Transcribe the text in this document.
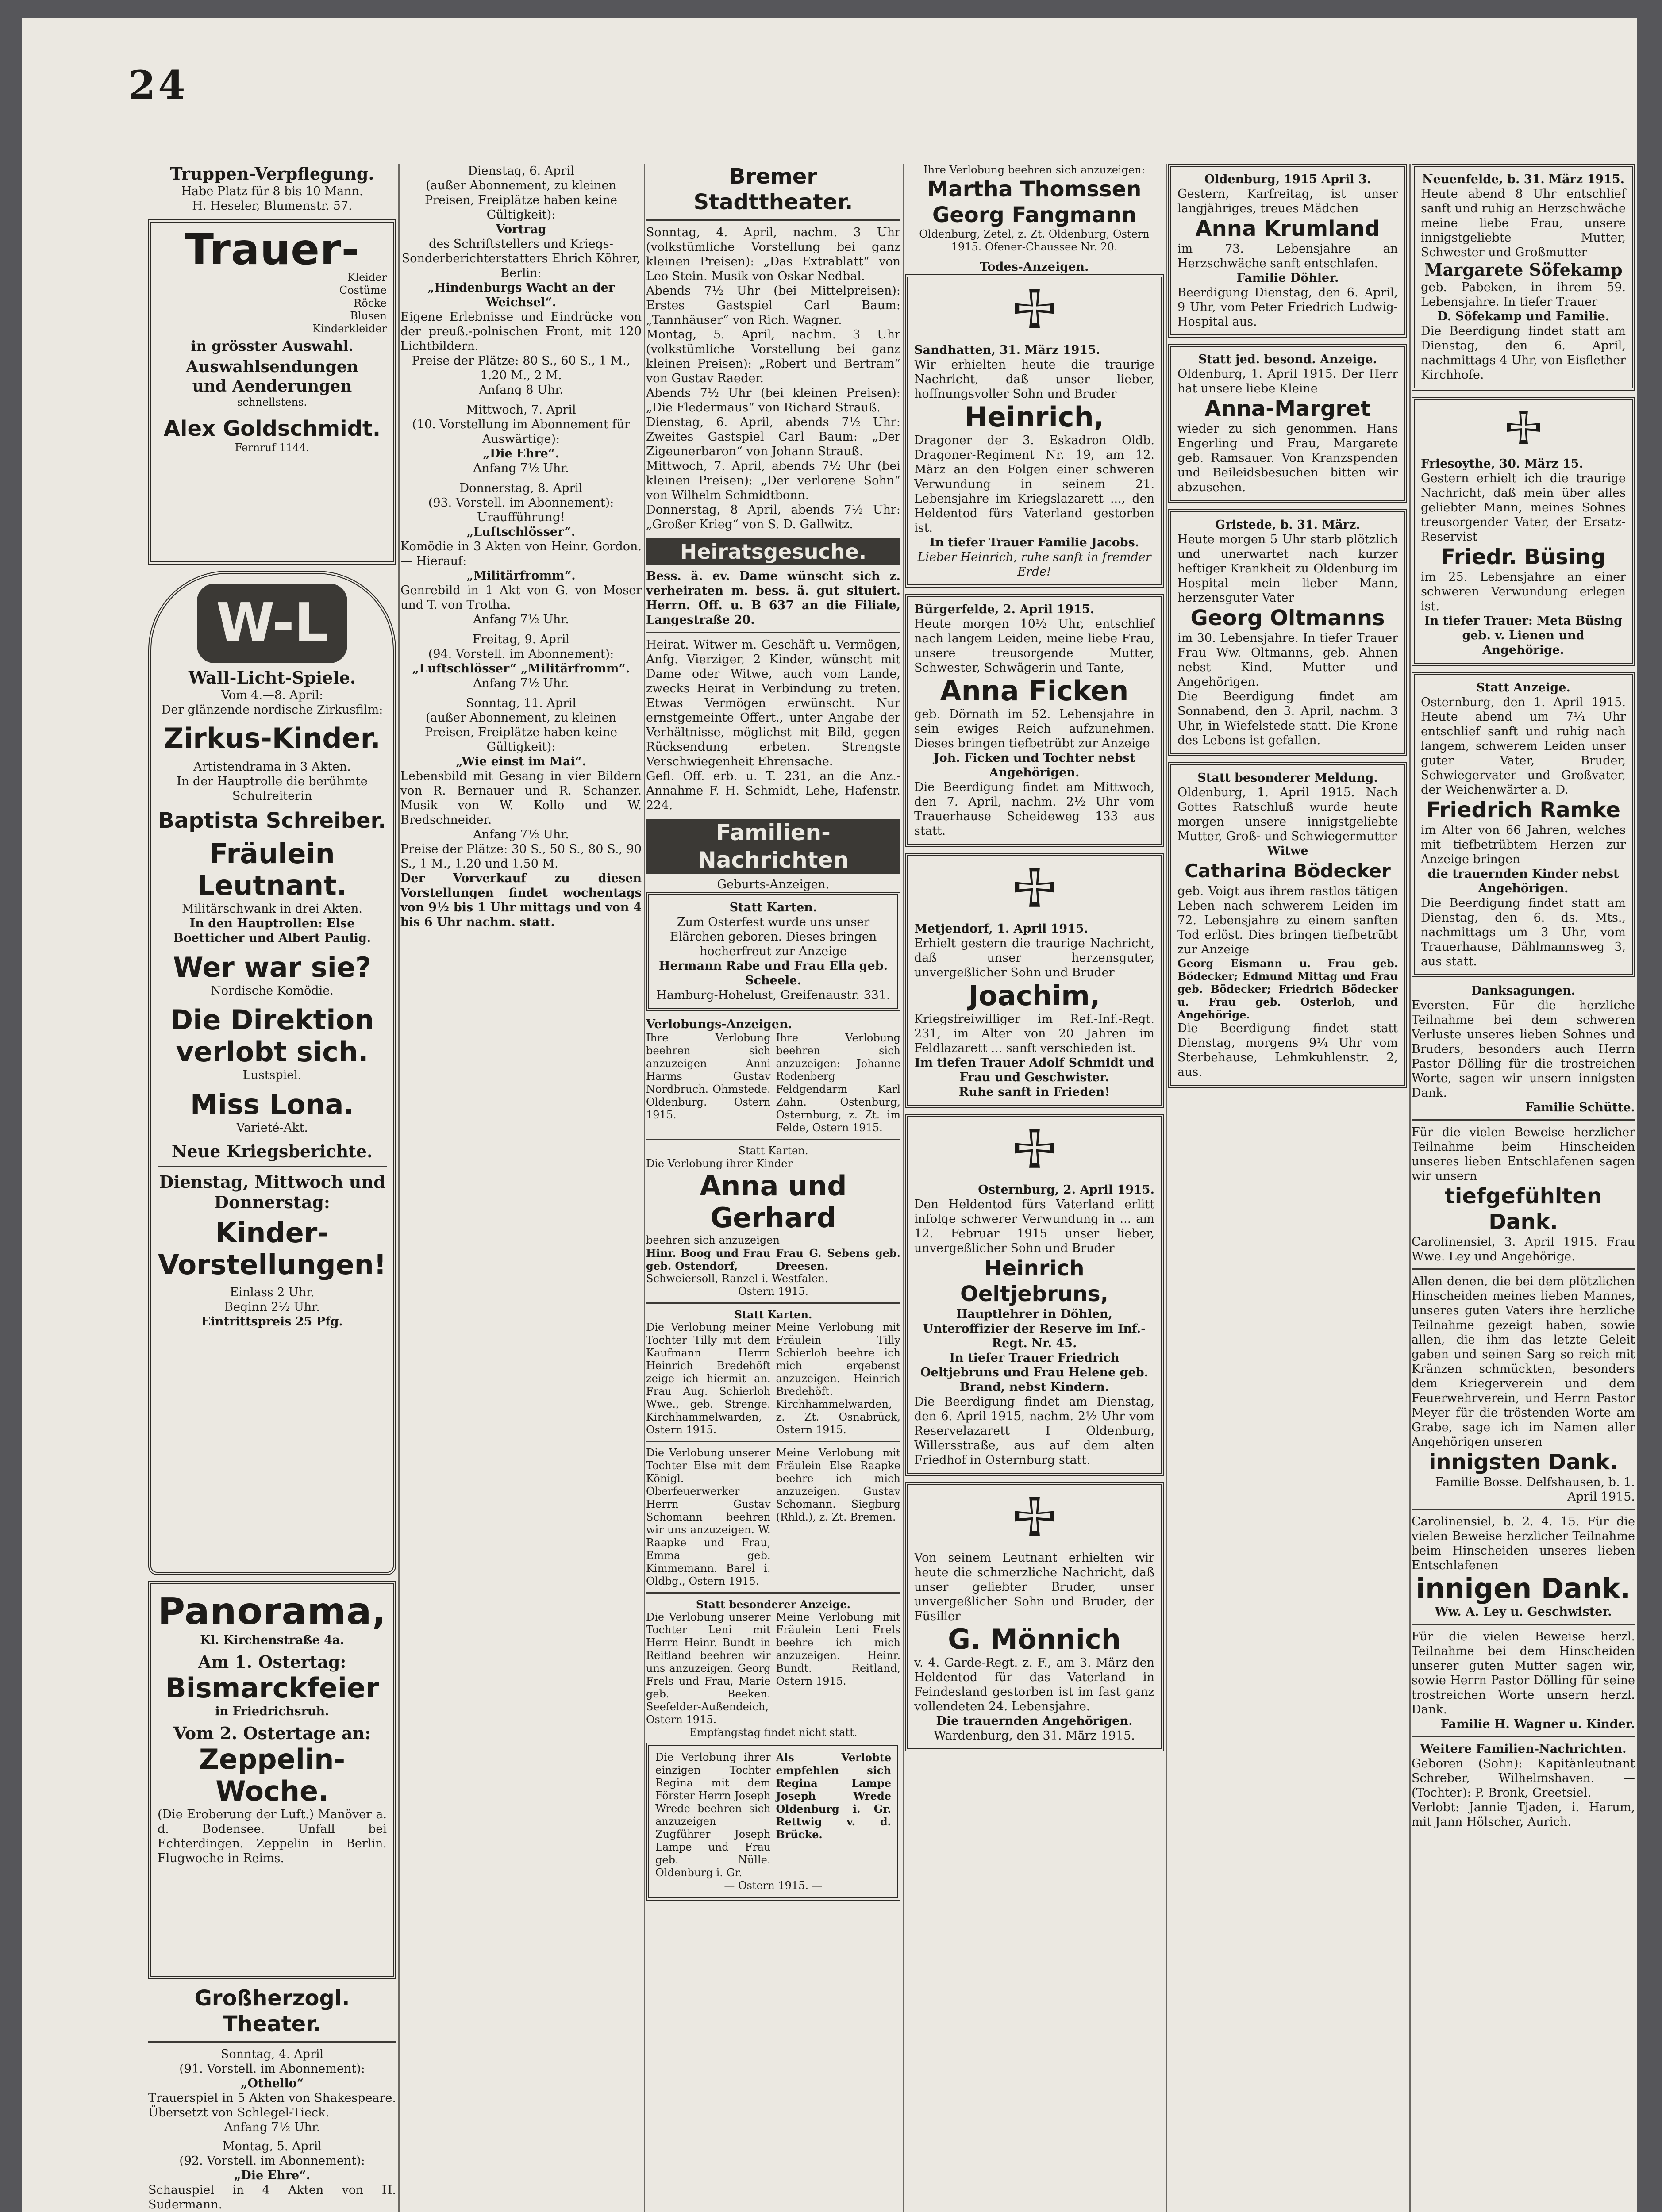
24
Truppen-Verpflegung.

Habe Platz für 8 bis 10 Mann.

H. Heseler, Blumenstr. 57.

Trauer-

Kleider

Costüme

Röcke

Blusen

Kinderkleider

in grösster Auswahl.

Auswahlsendungen

und Aenderungen

schnellstens.

Alex Goldschmidt.

Fernruf 1144.

W-L
Wall-Licht-Spiele.

Vom 4.—8. April:

Der glänzende nordische Zirkusfilm:

Zirkus-Kinder.

Artistendrama in 3 Akten.

In der Hauptrolle die berühmte Schulreiterin

Baptista Schreiber.
Fräulein Leutnant.

Militärschwank in drei Akten.

In den Hauptrollen: Else Boetticher und Albert Paulig.

Wer war sie?

Nordische Komödie.

Die Direktion verlobt sich.

Lustspiel.

Miss Lona.

Varieté-Akt.

Neue Kriegsberichte.
Dienstag, Mittwoch und Donnerstag:
Kinder-Vorstellungen!

Einlass 2 Uhr.

Beginn 2½ Uhr.

Eintrittspreis 25 Pfg.

Panorama,

Kl. Kirchenstraße 4a.

Am 1. Ostertag:
Bismarckfeier

in Friedrichsruh.

Vom 2. Ostertage an:
Zeppelin-Woche.

(Die Eroberung der Luft.) Manöver a. d. Bodensee. Unfall bei Echterdingen. Zeppelin in Berlin. Flugwoche in Reims.

Großherzogl. Theater.

Sonntag, 4. April

(91. Vorstell. im Abonnement):

„Othello“

Trauerspiel in 5 Akten von Shakespeare. Übersetzt von Schlegel-Tieck.

Anfang 7½ Uhr.

Montag, 5. April

(92. Vorstell. im Abonnement):

„Die Ehre“.

Schauspiel in 4 Akten von H. Sudermann.

Dienstag, 6. April

(außer Abonnement, zu kleinen Preisen, Freiplätze haben keine Gültigkeit):

Vortrag

des Schriftstellers und Kriegs-Sonderberichterstatters Ehrich Köhrer, Berlin:

„Hindenburgs Wacht an der Weichsel“.

Eigene Erlebnisse und Eindrücke von der preuß.-polnischen Front, mit 120 Lichtbildern.

Preise der Plätze: 80 S., 60 S., 1 M., 1.20 M., 2 M.

Anfang 8 Uhr.

Mittwoch, 7. April

(10. Vorstellung im Abonnement für Auswärtige):

„Die Ehre“.

Anfang 7½ Uhr.

Donnerstag, 8. April

(93. Vorstell. im Abonnement): Uraufführung!

„Luftschlösser“.

Komödie in 3 Akten von Heinr. Gordon. — Hierauf:

„Militärfromm“.

Genrebild in 1 Akt von G. von Moser und T. von Trotha.

Anfang 7½ Uhr.

Freitag, 9. April

(94. Vorstell. im Abonnement):

„Luftschlösser“ „Militärfromm“.

Anfang 7½ Uhr.

Sonntag, 11. April

(außer Abonnement, zu kleinen Preisen, Freiplätze haben keine Gültigkeit):

„Wie einst im Mai“.

Lebensbild mit Gesang in vier Bildern von R. Bernauer und R. Schanzer. Musik von W. Kollo und W. Bredschneider.

Anfang 7½ Uhr.

Preise der Plätze: 30 S., 50 S., 80 S., 90 S., 1 M., 1.20 und 1.50 M.

Der Vorverkauf zu diesen Vorstellungen findet wochentags von 9½ bis 1 Uhr mittags und von 4 bis 6 Uhr nachm. statt.

Bremer Stadttheater.

Sonntag, 4. April, nachm. 3 Uhr (volkstümliche Vorstellung bei ganz kleinen Preisen): „Das Extrablatt“ von Leo Stein. Musik von Oskar Nedbal.

Abends 7½ Uhr (bei Mittelpreisen): Erstes Gastspiel Carl Baum: „Tannhäuser“ von Rich. Wagner.

Montag, 5. April, nachm. 3 Uhr (volkstümliche Vorstellung bei ganz kleinen Preisen): „Robert und Bertram“ von Gustav Raeder.

Abends 7½ Uhr (bei kleinen Preisen): „Die Fledermaus“ von Richard Strauß.

Dienstag, 6. April, abends 7½ Uhr: Zweites Gastspiel Carl Baum: „Der Zigeunerbaron“ von Johann Strauß.

Mittwoch, 7. April, abends 7½ Uhr (bei kleinen Preisen): „Der verlorene Sohn“ von Wilhelm Schmidtbonn.

Donnerstag, 8 April, abends 7½ Uhr: „Großer Krieg“ von S. D. Gallwitz.

Heiratsgesuche.

Bess. ä. ev. Dame wünscht sich z. verheiraten m. bess. ä. gut situiert. Herrn. Off. u. B 637 an die Filiale, Langestraße 20.

Heirat. Witwer m. Geschäft u. Vermögen, Anfg. Vierziger, 2 Kinder, wünscht mit Dame oder Witwe, auch vom Lande, zwecks Heirat in Verbindung zu treten. Etwas Vermögen erwünscht. Nur ernstgemeinte Offert., unter Angabe der Verhältnisse, möglichst mit Bild, gegen Rücksendung erbeten. Strengste Verschwiegenheit Ehrensache.

Gefl. Off. erb. u. T. 231, an die Anz.-Annahme F. H. Schmidt, Lehe, Hafenstr. 224.

Familien-Nachrichten

Geburts-Anzeigen.

Statt Karten.

Zum Osterfest wurde uns unser Elärchen geboren. Dieses bringen hocherfreut zur Anzeige

Hermann Rabe und Frau Ella geb. Scheele.

Hamburg-Hohelust, Greifenaustr. 331.

Verlobungs-Anzeigen.

Ihre Verlobung beehren sich anzuzeigen Anni Harms Gustav Nordbruch. Ohmstede. Oldenburg. Ostern 1915.

Ihre Verlobung beehren sich anzuzeigen: Johanne Rodenberg Feldgendarm Karl Zahn. Ostenburg, Osternburg, z. Zt. im Felde, Ostern 1915.

Statt Karten.

Die Verlobung ihrer Kinder

Anna und Gerhard

beehren sich anzuzeigen

Hinr. Boog und Frau geb. Ostendorf,

Frau G. Sebens geb. Dreesen.

Schweiersoll, Ranzel i. Westfalen.

Ostern 1915.

Statt Karten.

Die Verlobung meiner Tochter Tilly mit dem Kaufmann Herrn Heinrich Bredehöft zeige ich hiermit an. Frau Aug. Schierloh Wwe., geb. Strenge. Kirchhammelwarden, Ostern 1915.

Meine Verlobung mit Fräulein Tilly Schierloh beehre ich mich ergebenst anzuzeigen. Heinrich Bredehöft. Kirchhammelwarden, z. Zt. Osnabrück, Ostern 1915.

Die Verlobung unserer Tochter Else mit dem Königl. Oberfeuerwerker Herrn Gustav Schomann beehren wir uns anzuzeigen. W. Raapke und Frau, Emma geb. Kimmemann. Barel i. Oldbg., Ostern 1915.

Meine Verlobung mit Fräulein Else Raapke beehre ich mich anzuzeigen. Gustav Schomann. Siegburg (Rhld.), z. Zt. Bremen.

Statt besonderer Anzeige.

Die Verlobung unserer Tochter Leni mit Herrn Heinr. Bundt in Reitland beehren wir uns anzuzeigen. Georg Frels und Frau, Marie geb. Beeken. Seefelder-Außendeich, Ostern 1915.

Meine Verlobung mit Fräulein Leni Frels beehre ich mich anzuzeigen. Heinr. Bundt. Reitland, Ostern 1915.

Empfangstag findet nicht statt.

Die Verlobung ihrer einzigen Tochter Regina mit dem Förster Herrn Joseph Wrede beehren sich anzuzeigen Zugführer Joseph Lampe und Frau geb. Nülle. Oldenburg i. Gr.

Als Verlobte empfehlen sich Regina Lampe Joseph Wrede Oldenburg i. Gr. Rettwig v. d. Brücke.

— Ostern 1915. —

Ihre Verlobung beehren sich anzuzeigen:

Martha Thomssen
Georg Fangmann

Oldenburg, Zetel, z. Zt. Oldenburg, Ostern 1915. Ofener-Chaussee Nr. 20.

Todes-Anzeigen.

Sandhatten, 31. März 1915.

Wir erhielten heute die traurige Nachricht, daß unser lieber, hoffnungsvoller Sohn und Bruder

Heinrich,

Dragoner der 3. Eskadron Oldb. Dragoner-Regiment Nr. 19, am 12. März an den Folgen einer schweren Verwundung in seinem 21. Lebensjahre im Kriegslazarett ..., den Heldentod fürs Vaterland gestorben ist.

In tiefer Trauer Familie Jacobs.

Lieber Heinrich, ruhe sanft in fremder Erde!

Bürgerfelde, 2. April 1915.

Heute morgen 10½ Uhr, entschlief nach langem Leiden, meine liebe Frau, unsere treusorgende Mutter, Schwester, Schwägerin und Tante,

Anna Ficken

geb. Dörnath im 52. Lebensjahre in sein ewiges Reich aufzunehmen. Dieses bringen tiefbetrübt zur Anzeige

Joh. Ficken und Tochter nebst Angehörigen.

Die Beerdigung findet am Mittwoch, den 7. April, nachm. 2½ Uhr vom Trauerhause Scheideweg 133 aus statt.

Metjendorf, 1. April 1915.

Erhielt gestern die traurige Nachricht, daß unser herzensguter, unvergeßlicher Sohn und Bruder

Joachim,

Kriegsfreiwilliger im Ref.-Inf.-Regt. 231, im Alter von 20 Jahren im Feldlazarett ... sanft verschieden ist.

Im tiefen Trauer Adolf Schmidt und Frau und Geschwister.

Ruhe sanft in Frieden!

Osternburg, 2. April 1915.

Den Heldentod fürs Vaterland erlitt infolge schwerer Verwundung in ... am 12. Februar 1915 unser lieber, unvergeßlicher Sohn und Bruder

Heinrich Oeltjebruns,

Hauptlehrer in Döhlen, Unteroffizier der Reserve im Inf.-Regt. Nr. 45.

In tiefer Trauer Friedrich Oeltjebruns und Frau Helene geb. Brand, nebst Kindern.

Die Beerdigung findet am Dienstag, den 6. April 1915, nachm. 2½ Uhr vom Reservelazarett I Oldenburg, Willersstraße, aus auf dem alten Friedhof in Osternburg statt.

Von seinem Leutnant erhielten wir heute die schmerzliche Nachricht, daß unser geliebter Bruder, unser unvergeßlicher Sohn und Bruder, der Füsilier

G. Mönnich

v. 4. Garde-Regt. z. F., am 3. März den Heldentod für das Vaterland in Feindesland gestorben ist im fast ganz vollendeten 24. Lebensjahre.

Die trauernden Angehörigen.

Wardenburg, den 31. März 1915.

Oldenburg, 1915 April 3.

Gestern, Karfreitag, ist unser langjähriges, treues Mädchen

Anna Krumland

im 73. Lebensjahre an Herzschwäche sanft entschlafen.

Familie Döhler.

Beerdigung Dienstag, den 6. April, 9 Uhr, vom Peter Friedrich Ludwig-Hospital aus.

Statt jed. besond. Anzeige.

Oldenburg, 1. April 1915. Der Herr hat unsere liebe Kleine

Anna-Margret

wieder zu sich genommen. Hans Engerling und Frau, Margarete geb. Ramsauer. Von Kranzspenden und Beileidsbesuchen bitten wir abzusehen.

Gristede, b. 31. März.

Heute morgen 5 Uhr starb plötzlich und unerwartet nach kurzer heftiger Krankheit zu Oldenburg im Hospital mein lieber Mann, herzensguter Vater

Georg Oltmanns

im 30. Lebensjahre. In tiefer Trauer Frau Ww. Oltmanns, geb. Ahnen nebst Kind, Mutter und Angehörigen.

Die Beerdigung findet am Sonnabend, den 3. April, nachm. 3 Uhr, in Wiefelstede statt. Die Krone des Lebens ist gefallen.

Statt besonderer Meldung.

Oldenburg, 1. April 1915. Nach Gottes Ratschluß wurde heute morgen unsere innigstgeliebte Mutter, Groß- und Schwiegermutter

Witwe

Catharina Bödecker

geb. Voigt aus ihrem rastlos tätigen Leben nach schwerem Leiden im 72. Lebensjahre zu einem sanften Tod erlöst. Dies bringen tiefbetrübt zur Anzeige

Georg Eismann u. Frau geb. Bödecker; Edmund Mittag und Frau geb. Bödecker; Friedrich Bödecker u. Frau geb. Osterloh, und Angehörige.

Die Beerdigung findet statt Dienstag, morgens 9¼ Uhr vom Sterbehause, Lehmkuhlenstr. 2, aus.

Neuenfelde, b. 31. März 1915.

Heute abend 8 Uhr entschlief sanft und ruhig an Herzschwäche meine liebe Frau, unsere innigstgeliebte Mutter, Schwester und Großmutter

Margarete Söfekamp

geb. Pabeken, in ihrem 59. Lebensjahre. In tiefer Trauer

D. Söfekamp und Familie.

Die Beerdigung findet statt am Dienstag, den 6. April, nachmittags 4 Uhr, von Eisflether Kirchhofe.

Friesoythe, 30. März 15.

Gestern erhielt ich die traurige Nachricht, daß mein über alles geliebter Mann, meines Sohnes treusorgender Vater, der Ersatz-Reservist

Friedr. Büsing

im 25. Lebensjahre an einer schweren Verwundung erlegen ist.

In tiefer Trauer: Meta Büsing geb. v. Lienen und Angehörige.

Statt Anzeige.

Osternburg, den 1. April 1915. Heute abend um 7¼ Uhr entschlief sanft und ruhig nach langem, schwerem Leiden unser guter Vater, Bruder, Schwiegervater und Großvater, der Weichenwärter a. D.

Friedrich Ramke

im Alter von 66 Jahren, welches mit tiefbetrübtem Herzen zur Anzeige bringen

die trauernden Kinder nebst Angehörigen.

Die Beerdigung findet statt am Dienstag, den 6. ds. Mts., nachmittags um 3 Uhr, vom Trauerhause, Dählmannsweg 3, aus statt.

Danksagungen.

Eversten. Für die herzliche Teilnahme bei dem schweren Verluste unseres lieben Sohnes und Bruders, besonders auch Herrn Pastor Dölling für die trostreichen Worte, sagen wir unsern innigsten Dank.

Familie Schütte.

Für die vielen Beweise herzlicher Teilnahme beim Hinscheiden unseres lieben Entschlafenen sagen wir unsern

tiefgefühlten Dank.

Carolinensiel, 3. April 1915. Frau Wwe. Ley und Angehörige.

Allen denen, die bei dem plötzlichen Hinscheiden meines lieben Mannes, unseres guten Vaters ihre herzliche Teilnahme gezeigt haben, sowie allen, die ihm das letzte Geleit gaben und seinen Sarg so reich mit Kränzen schmückten, besonders dem Kriegerverein und dem Feuerwehrverein, und Herrn Pastor Meyer für die tröstenden Worte am Grabe, sage ich im Namen aller Angehörigen unseren

innigsten Dank.

Familie Bosse. Delfshausen, b. 1. April 1915.

Carolinensiel, b. 2. 4. 15. Für die vielen Beweise herzlicher Teilnahme beim Hinscheiden unseres lieben Entschlafenen

innigen Dank.

Ww. A. Ley u. Geschwister.

Für die vielen Beweise herzl. Teilnahme bei dem Hinscheiden unserer guten Mutter sagen wir, sowie Herrn Pastor Dölling für seine trostreichen Worte unsern herzl. Dank.

Familie H. Wagner u. Kinder.

Weitere Familien-Nachrichten.

Geboren (Sohn): Kapitänleutnant Schreber, Wilhelmshaven. — (Tochter): P. Bronk, Greetsiel.

Verlobt: Jannie Tjaden, i. Harum, mit Jann Hölscher, Aurich.
